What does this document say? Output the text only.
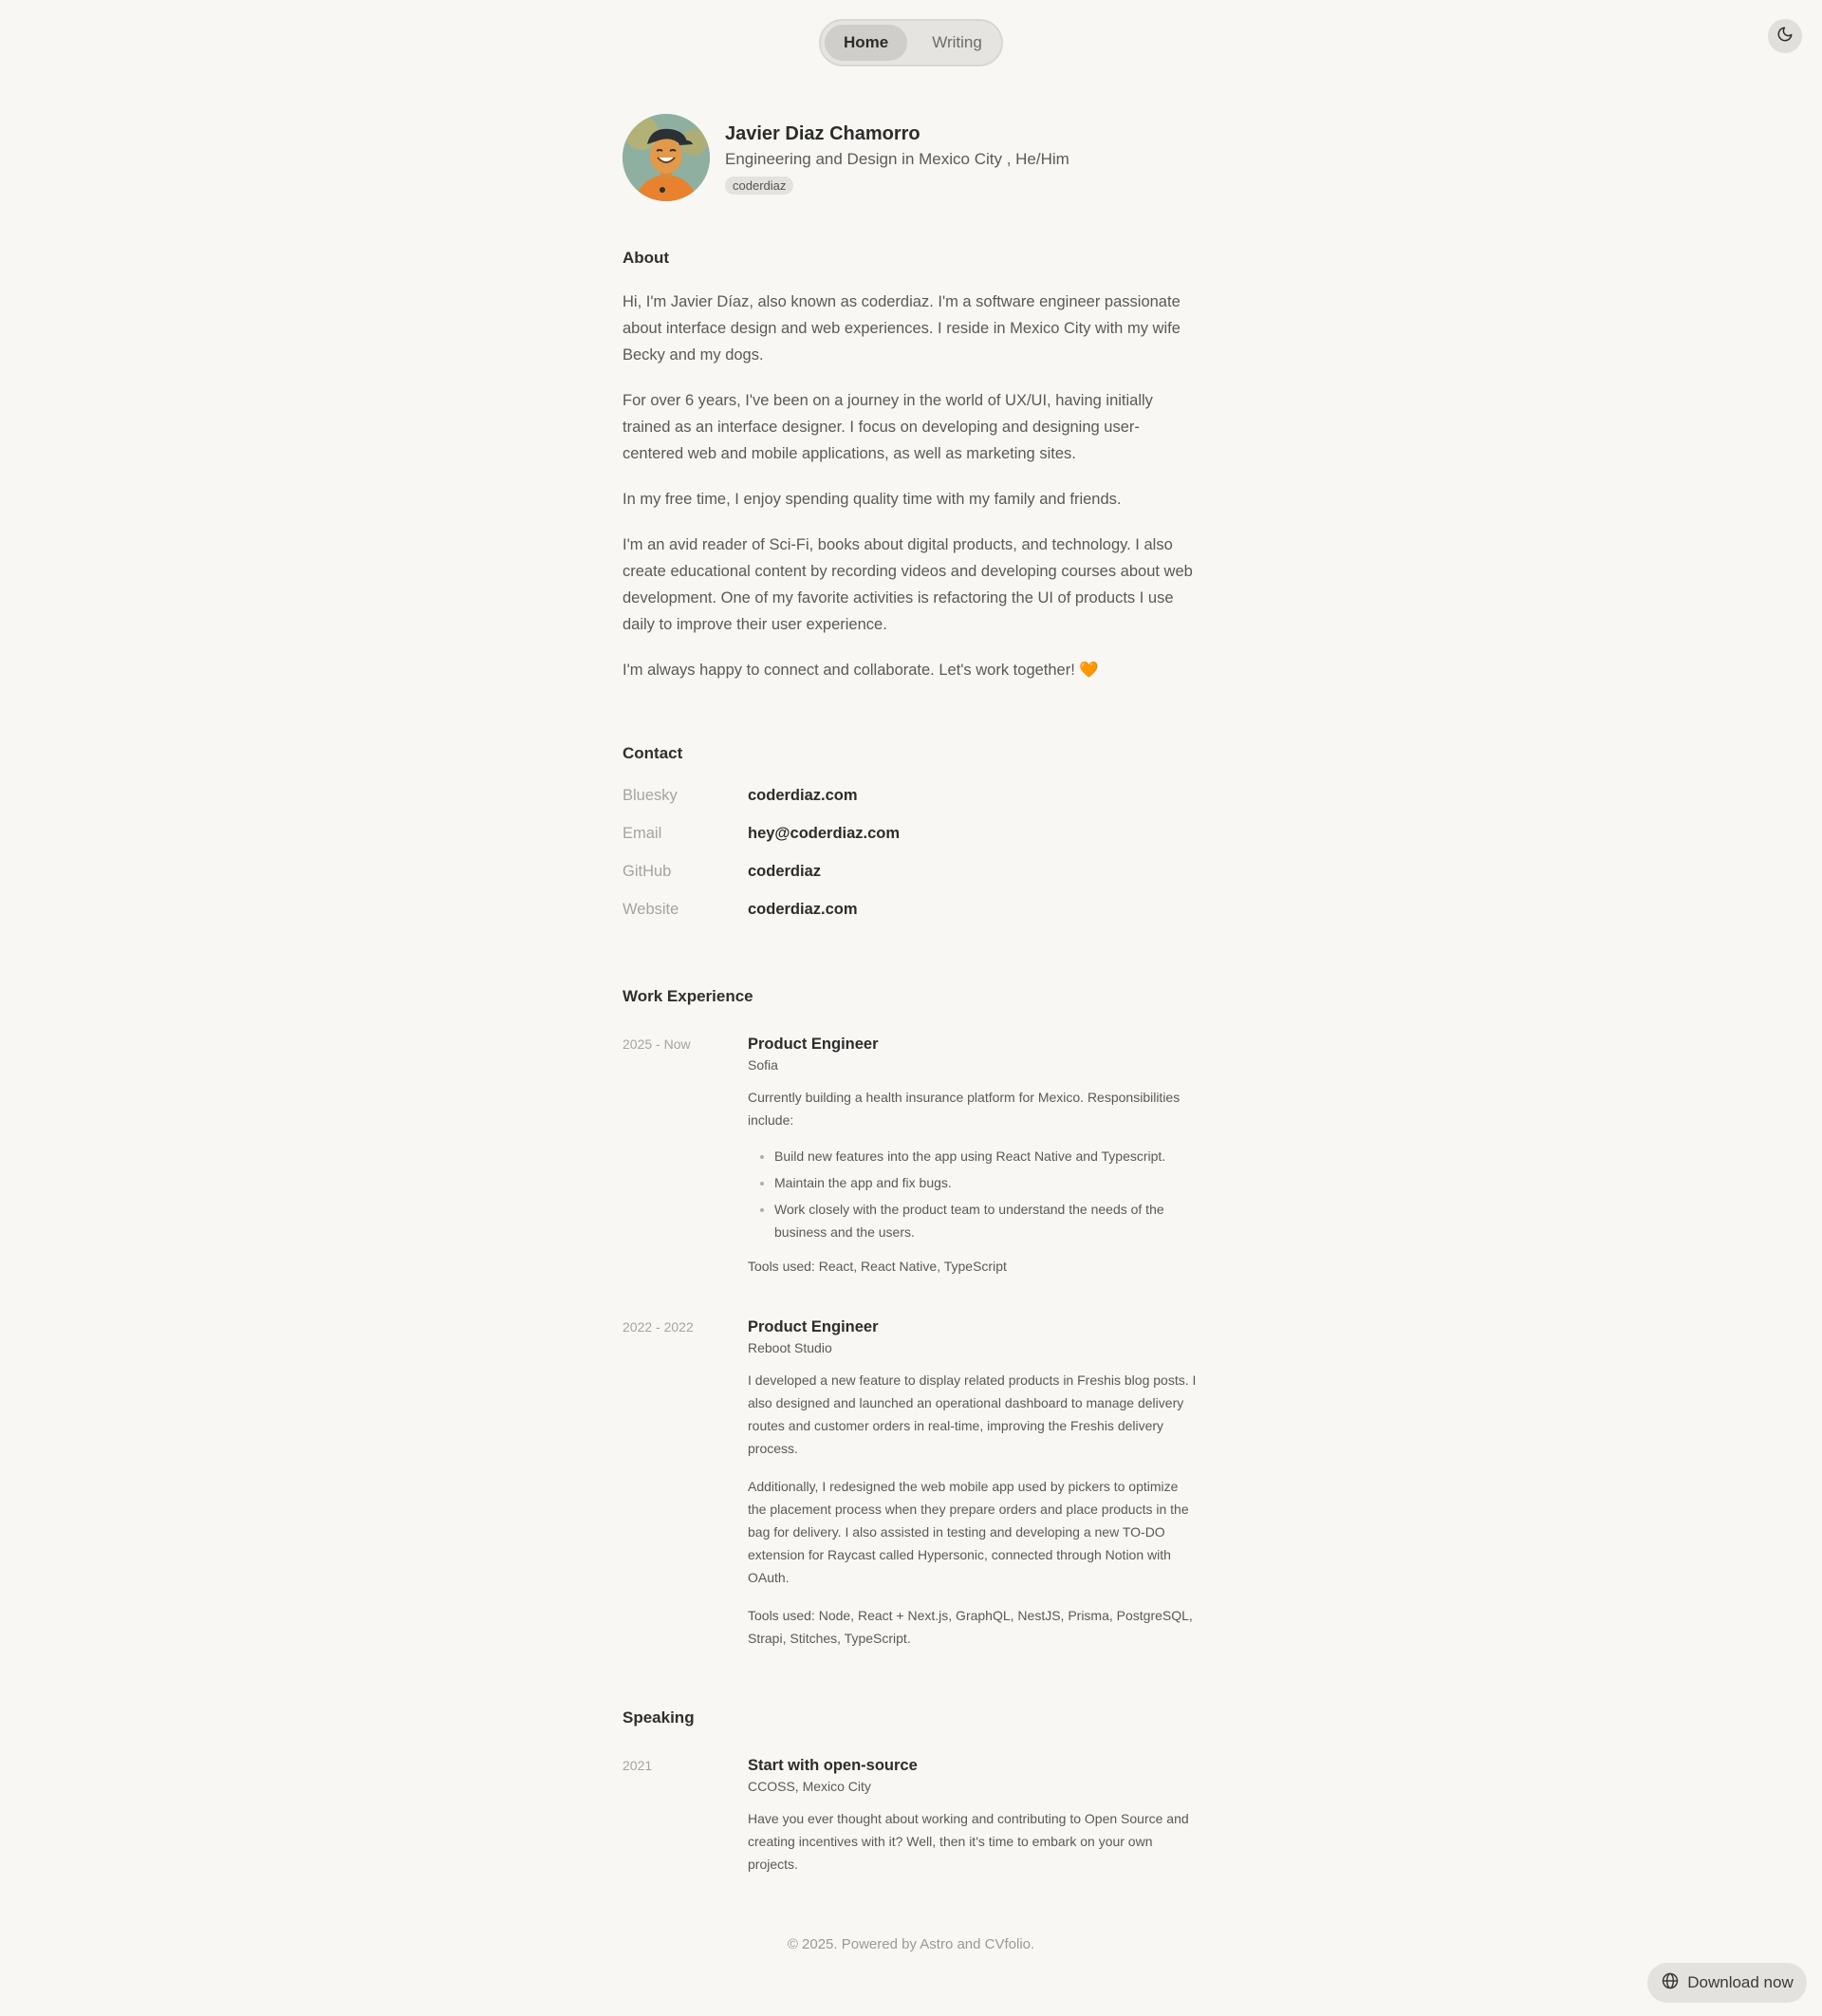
Home	Writing
Javier Diaz Chamorro
Engineering and Design in Mexico City , He/Him
coderdiaz
About

Hi, I'm Javier Díaz, also known as coderdiaz. I'm a software engineer passionate about interface design and web experiences. I reside in Mexico City with my wife Becky and my dogs.

For over 6 years, I've been on a journey in the world of UX/UI, having initially trained as an interface designer. I focus on developing and designing user-centered web and mobile applications, as well as marketing sites.

In my free time, I enjoy spending quality time with my family and friends.

I'm an avid reader of Sci-Fi, books about digital products, and technology. I also create educational content by recording videos and developing courses about web development. One of my favorite activities is refactoring the UI of products I use daily to improve their user experience.

I'm always happy to connect and collaborate. Let's work together! 🧡

Contact
Bluesky	coderdiaz.com
Email	hey@coderdiaz.com
GitHub	coderdiaz
Website	coderdiaz.com
Work Experience
2025 - Now	Product Engineer
Sofia

Currently building a health insurance platform for Mexico. Responsibilities include:

• Build new features into the app using React Native and Typescript.
• Maintain the app and fix bugs.
• Work closely with the product team to understand the needs of the business and the users.

Tools used: React, React Native, TypeScript

2022 - 2022	Product Engineer
Reboot Studio

I developed a new feature to display related products in Freshis blog posts. I also designed and launched an operational dashboard to manage delivery routes and customer orders in real-time, improving the Freshis delivery process.

Additionally, I redesigned the web mobile app used by pickers to optimize the placement process when they prepare orders and place products in the bag for delivery. I also assisted in testing and developing a new TO-DO extension for Raycast called Hypersonic, connected through Notion with OAuth.

Tools used: Node, React + Next.js, GraphQL, NestJS, Prisma, PostgreSQL, Strapi, Stitches, TypeScript.

Speaking
2021	Start with open-source
CCOSS, Mexico City

Have you ever thought about working and contributing to Open Source and creating incentives with it? Well, then it's time to embark on your own projects.

© 2025. Powered by Astro and CVfolio.
Download now
